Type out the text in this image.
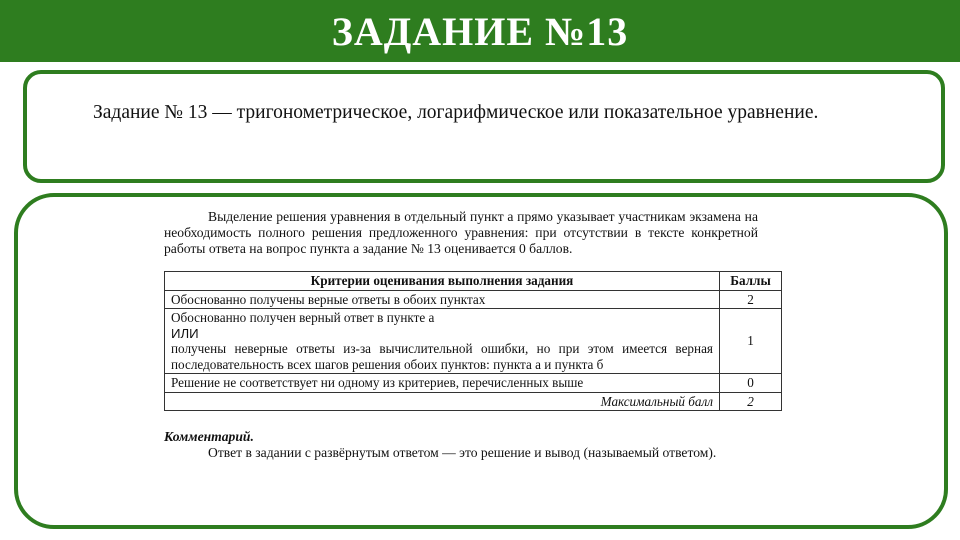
ЗАДАНИЕ №13

Задание № 13 — тригонометрическое, логарифмическое или показательное уравнение.

Выделение решения уравнения в отдельный пункт а прямо указывает участникам экзамена на необходимость полного решения предложенного уравнения: при отсутствии в тексте конкретной работы ответа на вопрос пункта а задание № 13 оценивается 0 баллов.

Критерии оценивания выполнения задания	Баллы
Обоснованно получены верные ответы в обоих пунктах	2

Обоснованно получен верный ответ в пункте а
ИЛИ
получены неверные ответы из-за вычислительной ошибки, но при этом имеется верная последовательность всех шагов решения обоих пунктов: пункта а и пункта б	1
Решение не соответствует ни одному из критериев, перечисленных выше	0
Максимальный балл	2

Комментарий.

Ответ в задании с развёрнутым ответом — это решение и вывод (называемый ответом).
